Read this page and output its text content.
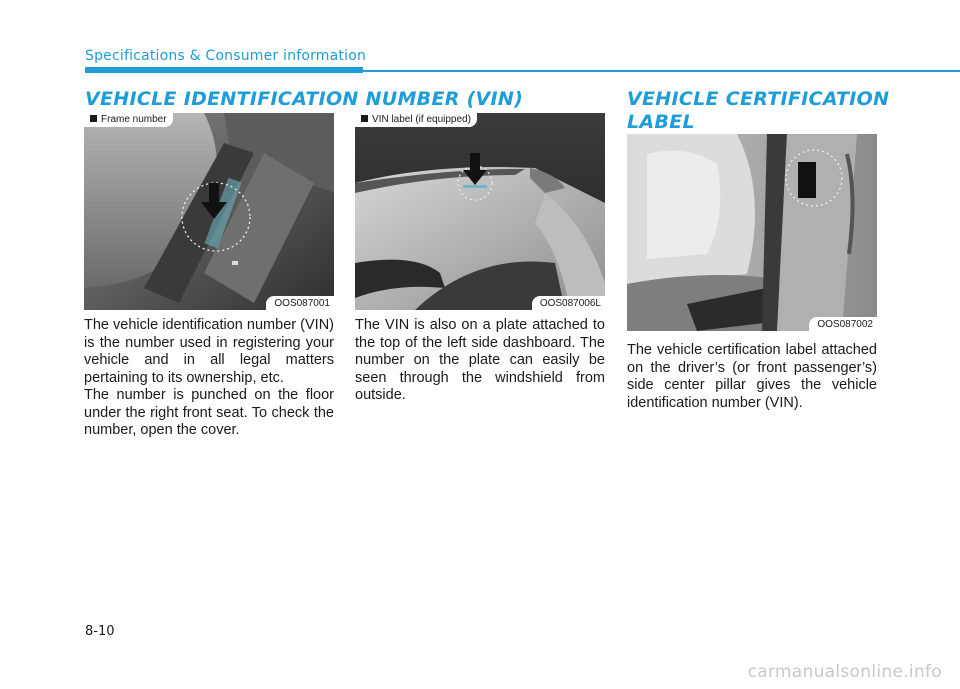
Specifications & Consumer information
VEHICLE IDENTIFICATION NUMBER (VIN)	VEHICLE CERTIFICATION
LABEL
Frame number
OOS087001
VIN label (if equipped)
OOS087006L
OOS087002

The vehicle identification number (VIN) is the number used in registering your vehicle and in all legal matters pertaining to its ownership, etc.

The number is punched on the floor under the right front seat. To check the number, open the cover.

The VIN is also on a plate attached to the top of the left side dashboard. The number on the plate can easily be seen through the windshield from outside.

The vehicle certification label attached on the driver’s (or front passenger’s) side center pillar gives the vehicle identification number (VIN).

8-10
carmanualsonline.info
